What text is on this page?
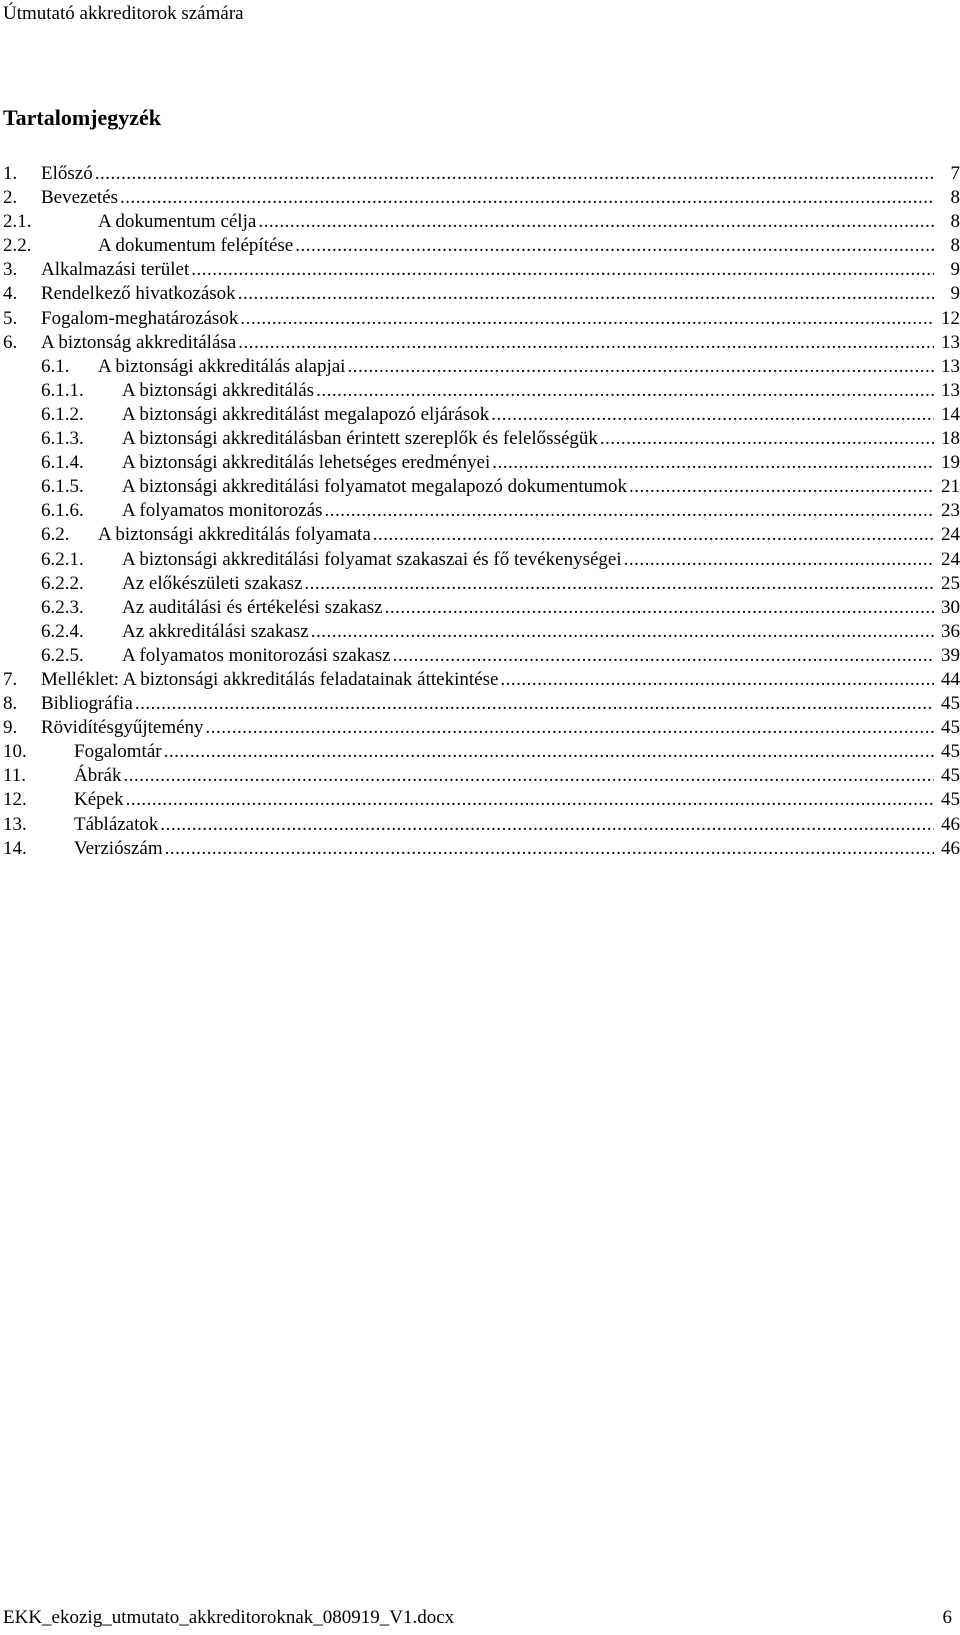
Útmutató akkreditorok számára
Tartalomjegyzék
1. Előszó .....	7
2. Bevezetés .....	8
2.1.	A dokumentum célja .....	8
2.2.	A dokumentum felépítése .....	8
3. Alkalmazási terület .....	9
4. Rendelkező hivatkozások .....	9
5. Fogalom-meghatározások .....	12
6. A biztonság akkreditálása .....	13
6.1. A biztonsági akkreditálás alapjai .....	13
6.1.1. A biztonsági akkreditálás .....	13
6.1.2. A biztonsági akkreditálást megalapozó eljárások .....	14
6.1.3. A biztonsági akkreditálásban érintett szereplők és felelősségük .....	18
6.1.4. A biztonsági akkreditálás lehetséges eredményei .....	19
6.1.5. A biztonsági akkreditálási folyamatot megalapozó dokumentumok .....	21
6.1.6. A folyamatos monitorozás .....	23
6.2. A biztonsági akkreditálás folyamata .....	24
6.2.1. A biztonsági akkreditálási folyamat szakaszai és fő tevékenységei .....	24
6.2.2. Az előkészületi szakasz .....	25
6.2.3. Az auditálási és értékelési szakasz .....	30
6.2.4. Az akkreditálási szakasz .....	36
6.2.5. A folyamatos monitorozási szakasz .....	39
7. Melléklet: A biztonsági akkreditálás feladatainak áttekintése .....	44
8. Bibliográfia .....	45
9. Rövidítésgyűjtemény .....	45
10. Fogalomtár .....	45
11.	Ábrák .....	45
12. Képek .....	45
13. Táblázatok .....	46
14. Verziószám .....	46
EKK_ekozig_utmutato_akkreditoroknak_080919_V1.docx	6
